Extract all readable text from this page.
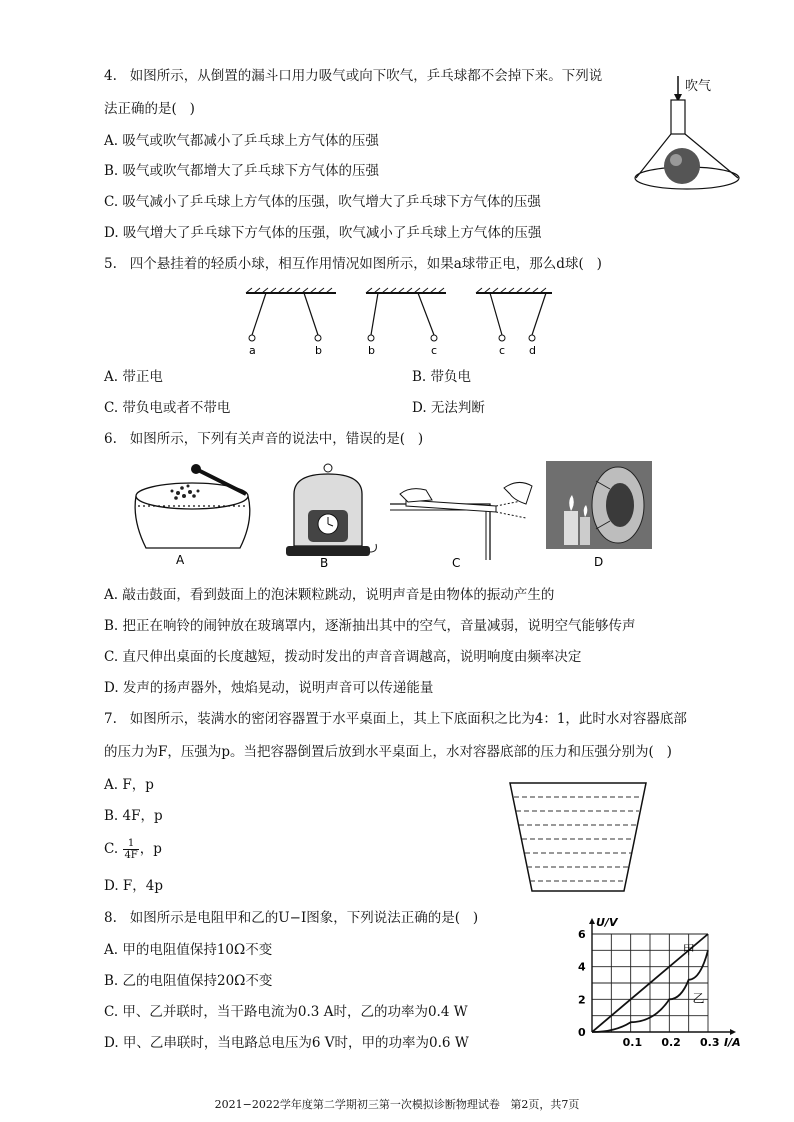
4.   如图所示，从倒置的漏斗口用力吸气或向下吹气，乒乓球都不会掉下来。下列说
法正确的是(   )
A. 吸气或吹气都减小了乒乓球上方气体的压强
B. 吸气或吹气都增大了乒乓球下方气体的压强
C. 吸气减小了乒乓球上方气体的压强，吹气增大了乒乓球下方气体的压强
D. 吸气增大了乒乓球下方气体的压强，吹气减小了乒乓球上方气体的压强
吹气
5.   四个悬挂着的轻质小球，相互作用情况如图所示，如果a球带正电，那么d球(   )
a	b	b	c	c d
A. 带正电	B. 带负电
C. 带负电或者不带电	D. 无法判断
6.   如图所示，下列有关声音的说法中，错误的是(   )
A	B	C	D
A. 敲击鼓面，看到鼓面上的泡沫颗粒跳动，说明声音是由物体的振动产生的
B. 把正在响铃的闹钟放在玻璃罩内，逐渐抽出其中的空气，音量减弱，说明空气能够传声
C. 直尺伸出桌面的长度越短，拨动时发出的声音音调越高，说明响度由频率决定
D. 发声的扬声器外，烛焰晃动，说明声音可以传递能量
7.   如图所示，装满水的密闭容器置于水平桌面上，其上下底面积之比为4：1，此时水对容器底部
的压力为F，压强为p。当把容器倒置后放到水平桌面上，水对容器底部的压力和压强分别为(   )
A. F，p
B. 4F，p
C. $\frac{1}{4F}$ ，p
D. F，4p
8.   如图所示是电阻甲和乙的U−I图象，下列说法正确的是(   )
A. 甲的电阻值保持10Ω不变
B. 乙的电阻值保持20Ω不变
C. 甲、乙并联时，当干路电流为0.3 A时，乙的功率为0.4 W
D. 甲、乙串联时，当电路总电压为6 V时，甲的功率为0.6 W	I/A
U/V
0.1 0.2 0.3
0
2
4
6
甲
乙
2021−2022学年度第二学期初三第一次模拟诊断物理试卷   第2页，共7页
